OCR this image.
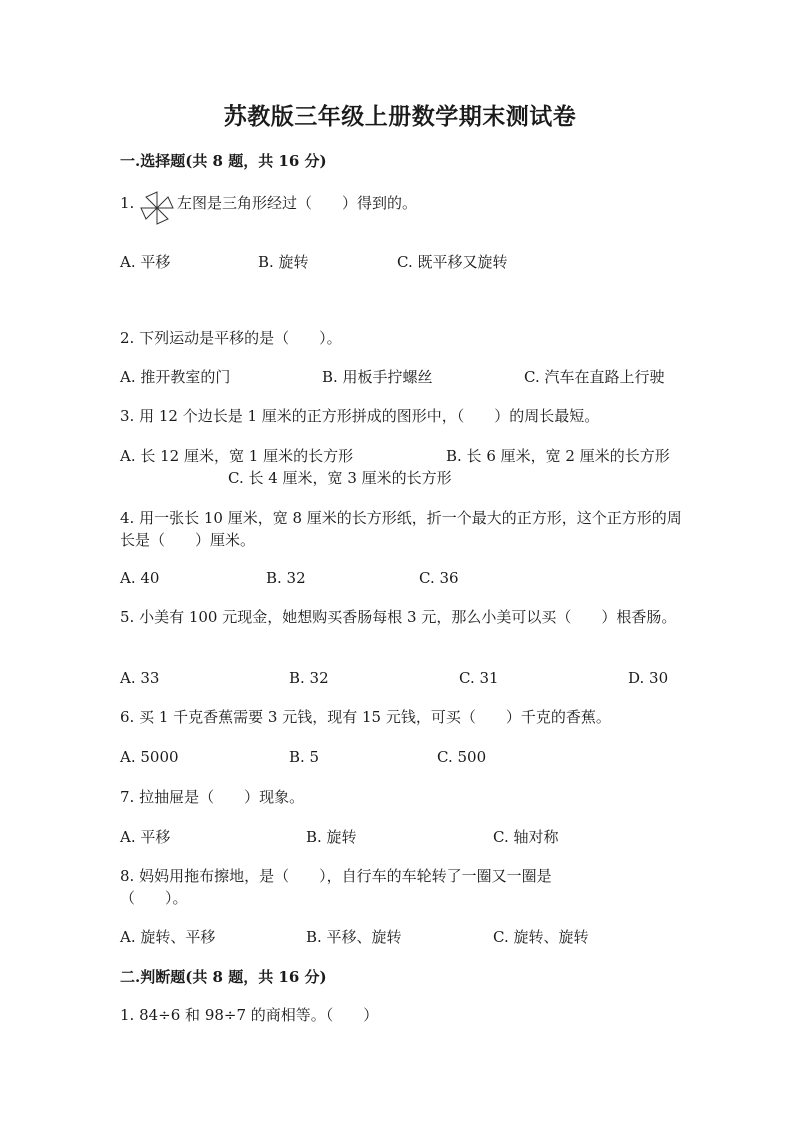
苏教版三年级上册数学期末测试卷
一.选择题(共 8 题，共 16 分)
1.	左图是三角形经过（　　）得到的。
A. 平移	B. 旋转	C. 既平移又旋转
2. 下列运动是平移的是（　　）。
A. 推开教室的门	B. 用板手拧螺丝	C. 汽车在直路上行驶
3. 用 12 个边长是 1 厘米的正方形拼成的图形中，（　　）的周长最短。
A. 长 12 厘米，宽 1 厘米的长方形	B. 长 6 厘米，宽 2 厘米的长方形
C. 长 4 厘米，宽 3 厘米的长方形
4. 用一张长 10 厘米，宽 8 厘米的长方形纸，折一个最大的正方形，这个正方形的周长是（　　）厘米。
A. 40	B. 32	C. 36
5. 小美有 100 元现金，她想购买香肠每根 3 元，那么小美可以买（　　）根香肠。
A. 33	B. 32	C. 31	D. 30
6. 买 1 千克香蕉需要 3 元钱，现有 15 元钱，可买（　　）千克的香蕉。
A. 5000	B. 5	C. 500
7. 拉抽屉是（　　）现象。
A. 平移	B. 旋转	C. 轴对称
8. 妈妈用拖布擦地，是（　　），自行车的车轮转了一圈又一圈是（　　）。
A. 旋转、平移	B. 平移、旋转	C. 旋转、旋转
二.判断题(共 8 题，共 16 分)
1. 84÷6 和 98÷7 的商相等。（　　）
